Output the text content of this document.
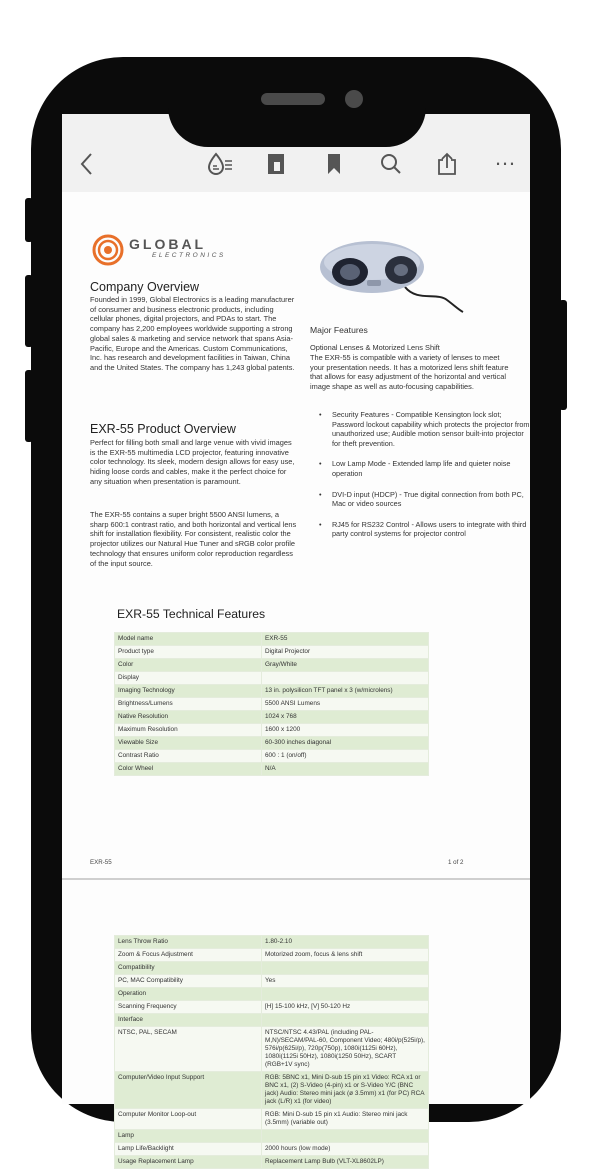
…
GLOBAL
ELECTRONICS
Company Overview
Founded in 1999, Global Electronics is a leading manufacturer of consumer and business electronic products, including cellular phones, digital projectors, and PDAs to start. The company has 2,200 employees worldwide supporting a strong global sales & marketing and service network that spans Asia-Pacific, Europe and the Americas. Custom Communications, Inc. has research and development facilities in Taiwan, China and the United States. The company has 1,243 global patents.
EXR-55 Product Overview
Perfect for filling both small and large venue with vivid images is the EXR-55 multimedia LCD projector, featuring innovative color technology. Its sleek, modern design allows for easy use, hiding loose cords and cables, make it the perfect choice for any situation when presentation is paramount.
The EXR-55 contains a super bright 5500 ANSI lumens, a sharp 600:1 contrast ratio, and both horizontal and vertical lens shift for installation flexibility. For consistent, realistic color the projector utilizes our Natural Hue Tuner and sRGB color profile technology that ensures uniform color reproduction regardless of the input source.
Major Features
Optional Lenses & Motorized Lens Shift
The EXR-55 is compatible with a variety of lenses to meet your presentation needs. It has a motorized lens shift feature that allows for easy adjustment of the horizontal and vertical image shape as well as auto-focusing capabilities.
• Security Features - Compatible Kensington lock slot; Password lockout capability which protects the projector from unauthorized use; Audible motion sensor built-into projector for theft prevention.
• Low Lamp Mode - Extended lamp life and quieter noise operation
• DVI-D input (HDCP) - True digital connection from both PC, Mac or video sources
• RJ45 for RS232 Control - Allows users to integrate with third party control systems for projector control
EXR-55 Technical Features
Model name	EXR-55
Product type	Digital Projector
Color	Gray/White
Display	
Imaging Technology	13 in. polysilicon TFT panel x 3 (w/microlens)
Brightness/Lumens	5500 ANSI Lumens
Native Resolution	1024 x 768
Maximum Resolution	1600 x 1200
Viewable Size	60-300 inches diagonal
Contrast Ratio	600 : 1 (on/off)
Color Wheel	N/A
EXR-55	1 of 2
Lens Throw Ratio	1.80-2.10
Zoom & Focus Adjustment	Motorized zoom, focus & lens shift
Compatibility	
PC, MAC Compatibility	Yes
Operation	
Scanning Frequency	[H] 15-100 kHz, [V] 50-120 Hz
Interface	
NTSC, PAL, SECAM	NTSC/NTSC 4.43/PAL (including PAL-M,N)/SECAM/PAL-60, Component Video; 480i/p(525i/p), 576i/p(625i/p), 720p(750p), 1080i(1125i 60Hz), 1080i(1125i 50Hz), 1080i(1250 50Hz), SCART (RGB+1V sync)
Computer/Video Input Support	RGB: 5BNC x1, Mini D-sub 15 pin x1 Video: RCA x1 or BNC x1, (2) S-Video (4-pin) x1 or S-Video Y/C (BNC jack) Audio: Stereo mini jack (ø 3.5mm) x1 (for PC) RCA jack (L/R) x1 (for video)
Computer Monitor Loop-out	RGB: Mini D-sub 15 pin x1 Audio: Stereo mini jack (3.5mm) (variable out)
Lamp	
Lamp Life/Backlight	2000 hours (low mode)
Usage Replacement Lamp	Replacement Lamp Bulb (VLT-XL8602LP)
